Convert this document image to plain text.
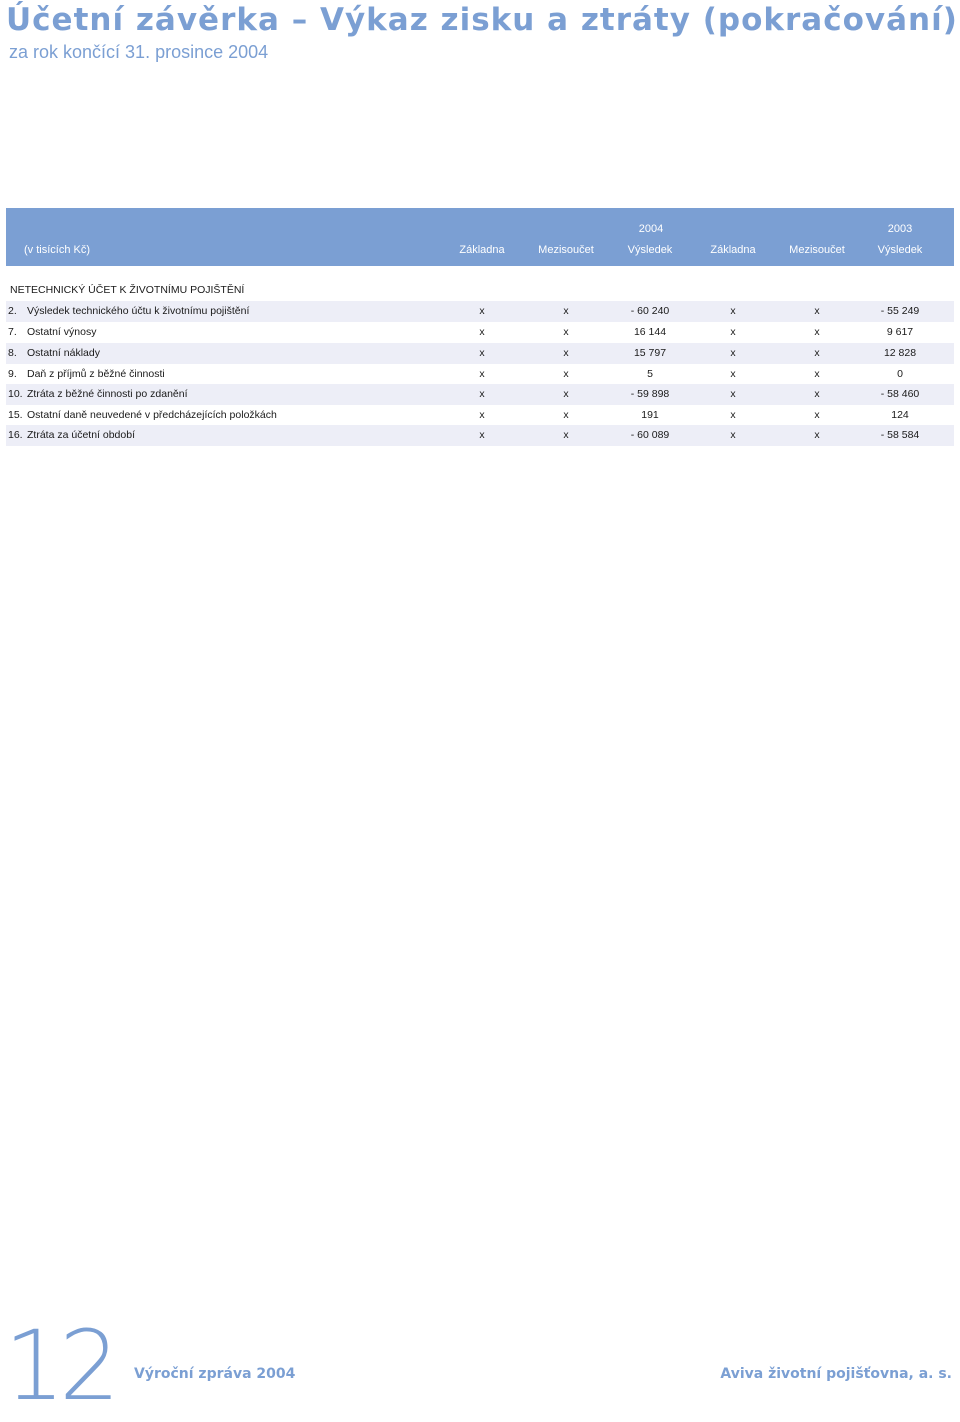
Účetní závěrka – Výkaz zisku a ztráty (pokračování)
za rok končící 31. prosince 2004
2004	2003
(v tisících Kč)	Základna	Mezisoučet	Výsledek	Základna	Mezisoučet	Výsledek
NETECHNICKÝ ÚČET K ŽIVOTNÍMU POJIŠTĚNÍ
2. Výsledek technického účtu k životnímu pojištění	x	x	- 60 240	x	x	- 55 249
7. Ostatní výnosy	x	x	16 144	x	x	9 617
8. Ostatní náklady	x	x	15 797	x	x	12 828
9. Daň z příjmů z běžné činnosti	x	x	5	x	x	0
10. Ztráta z běžné činnosti po zdanění	x	x	- 59 898	x	x	- 58 460
15. Ostatní daně neuvedené v předcházejících položkách	x	x	191	x	x	124
16. Ztráta za účetní období	x	x	- 60 089	x	x	- 58 584
12 Výroční zpráva 2004	Aviva životní pojišťovna, a. s.
